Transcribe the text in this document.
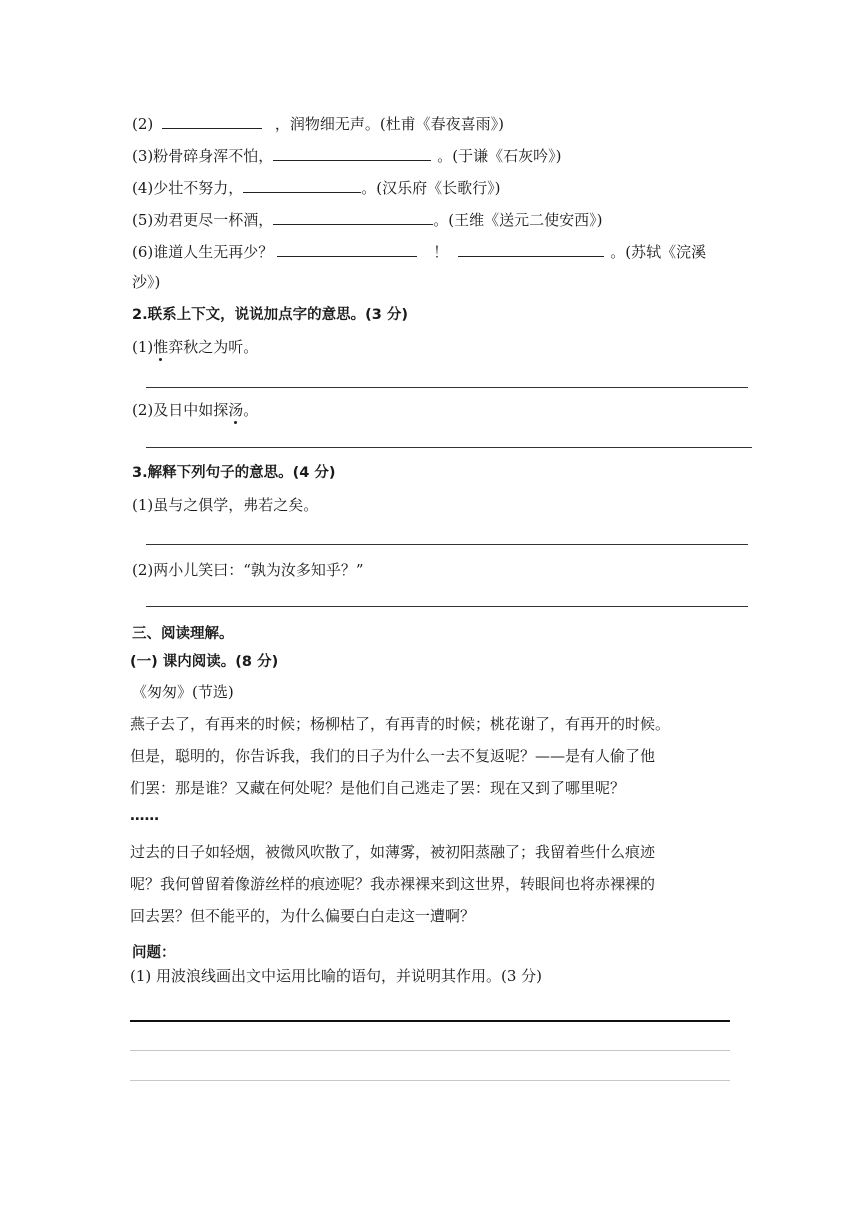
(2)	，润物细无声。(杜甫《春夜喜雨》)
(3)粉骨碎身浑不怕，	。(于谦《石灰吟》)
(4)少壮不努力，	。(汉乐府《长歌行》)
(5)劝君更尽一杯酒，	。(王维《送元二使安西》)
(6)谁道人生无再少？	！	。(苏轼《浣溪
沙》)
2.联系上下文，说说加点字的意思。(3 分)
(1)惟弈秋之为听。
(2)及日中如探汤。
3.解释下列句子的意思。(4 分)
(1)虽与之俱学，弗若之矣。
(2)两小儿笑曰：“孰为汝多知乎？”
三、阅读理解。
(一) 课内阅读。(8 分)
《匆匆》(节选)
燕子去了，有再来的时候；杨柳枯了，有再青的时候；桃花谢了，有再开的时候。
但是，聪明的，你告诉我，我们的日子为什么一去不复返呢？——是有人偷了他
们罢：那是谁？又藏在何处呢？是他们自己逃走了罢：现在又到了哪里呢？
……
过去的日子如轻烟，被微风吹散了，如薄雾，被初阳蒸融了；我留着些什么痕迹
呢？我何曾留着像游丝样的痕迹呢？我赤裸裸来到这世界，转眼间也将赤裸裸的
回去罢？但不能平的，为什么偏要白白走这一遭啊？
问题：
(1) 用波浪线画出文中运用比喻的语句，并说明其作用。(3 分)
